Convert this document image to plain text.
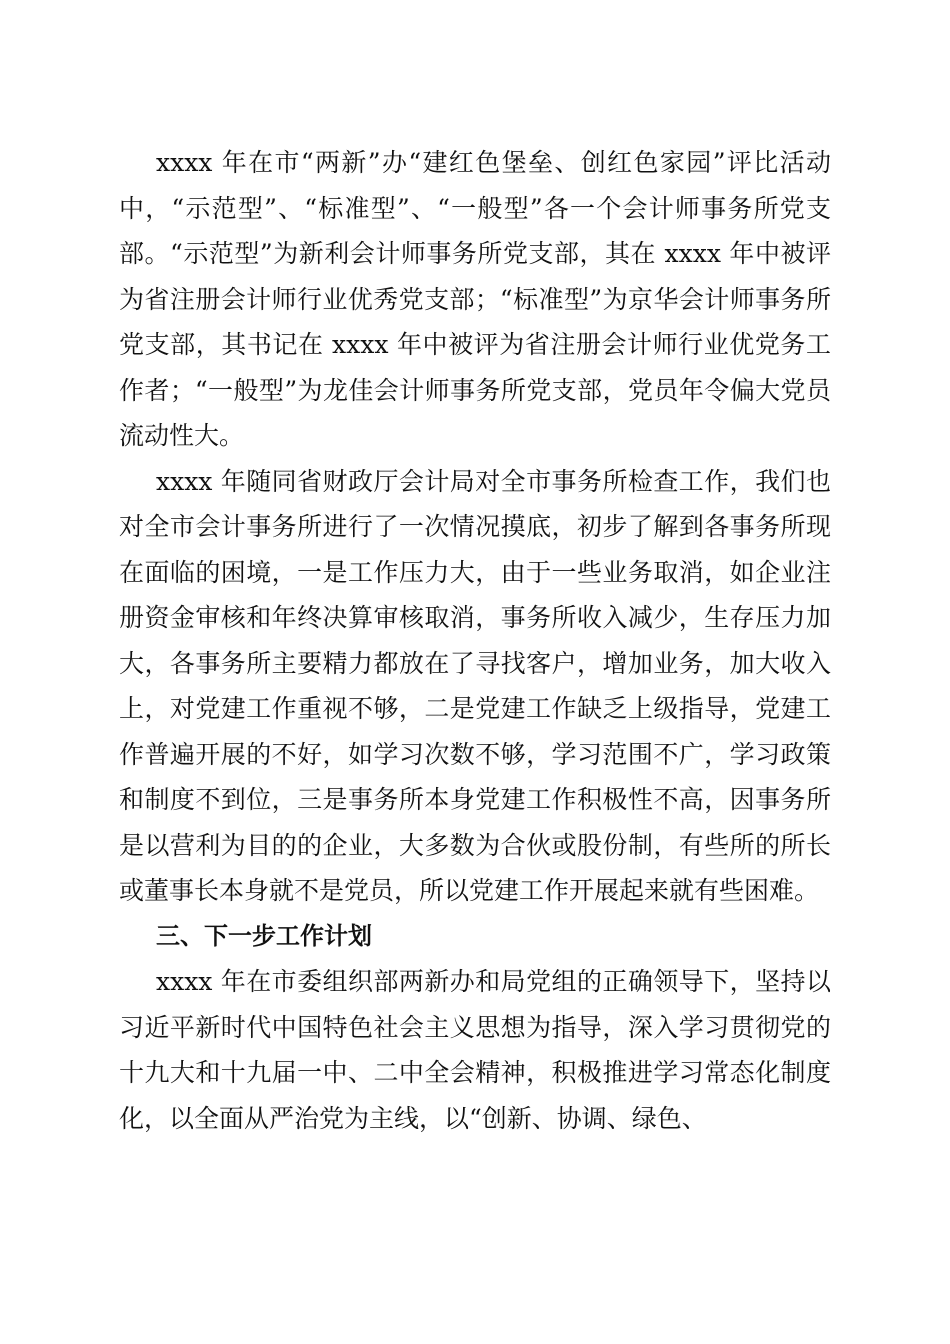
xxxx 年在市“两新”办“建红色堡垒、创红色家园”评比活动中，“示范型”、“标准型”、“一般型”各一个会计师事务所党支部。“示范型”为新利会计师事务所党支部，其在 xxxx 年中被评为省注册会计师行业优秀党支部；“标准型”为京华会计师事务所党支部，其书记在 xxxx 年中被评为省注册会计师行业优党务工作者；“一般型”为龙佳会计师事务所党支部，党员年令偏大党员流动性大。

xxxx 年随同省财政厅会计局对全市事务所检查工作，我们也对全市会计事务所进行了一次情况摸底，初步了解到各事务所现在面临的困境，一是工作压力大，由于一些业务取消，如企业注册资金审核和年终决算审核取消，事务所收入减少，生存压力加大，各事务所主要精力都放在了寻找客户，增加业务，加大收入上，对党建工作重视不够，二是党建工作缺乏上级指导，党建工作普遍开展的不好，如学习次数不够，学习范围不广，学习政策和制度不到位，三是事务所本身党建工作积极性不高，因事务所是以营利为目的的企业，大多数为合伙或股份制，有些所的所长或董事长本身就不是党员，所以党建工作开展起来就有些困难。

三、下一步工作计划

xxxx 年在市委组织部两新办和局党组的正确领导下，坚持以习近平新时代中国特色社会主义思想为指导，深入学习贯彻党的十九大和十九届一中、二中全会精神，积极推进学习常态化制度化，以全面从严治党为主线，以“创新、协调、绿色、
